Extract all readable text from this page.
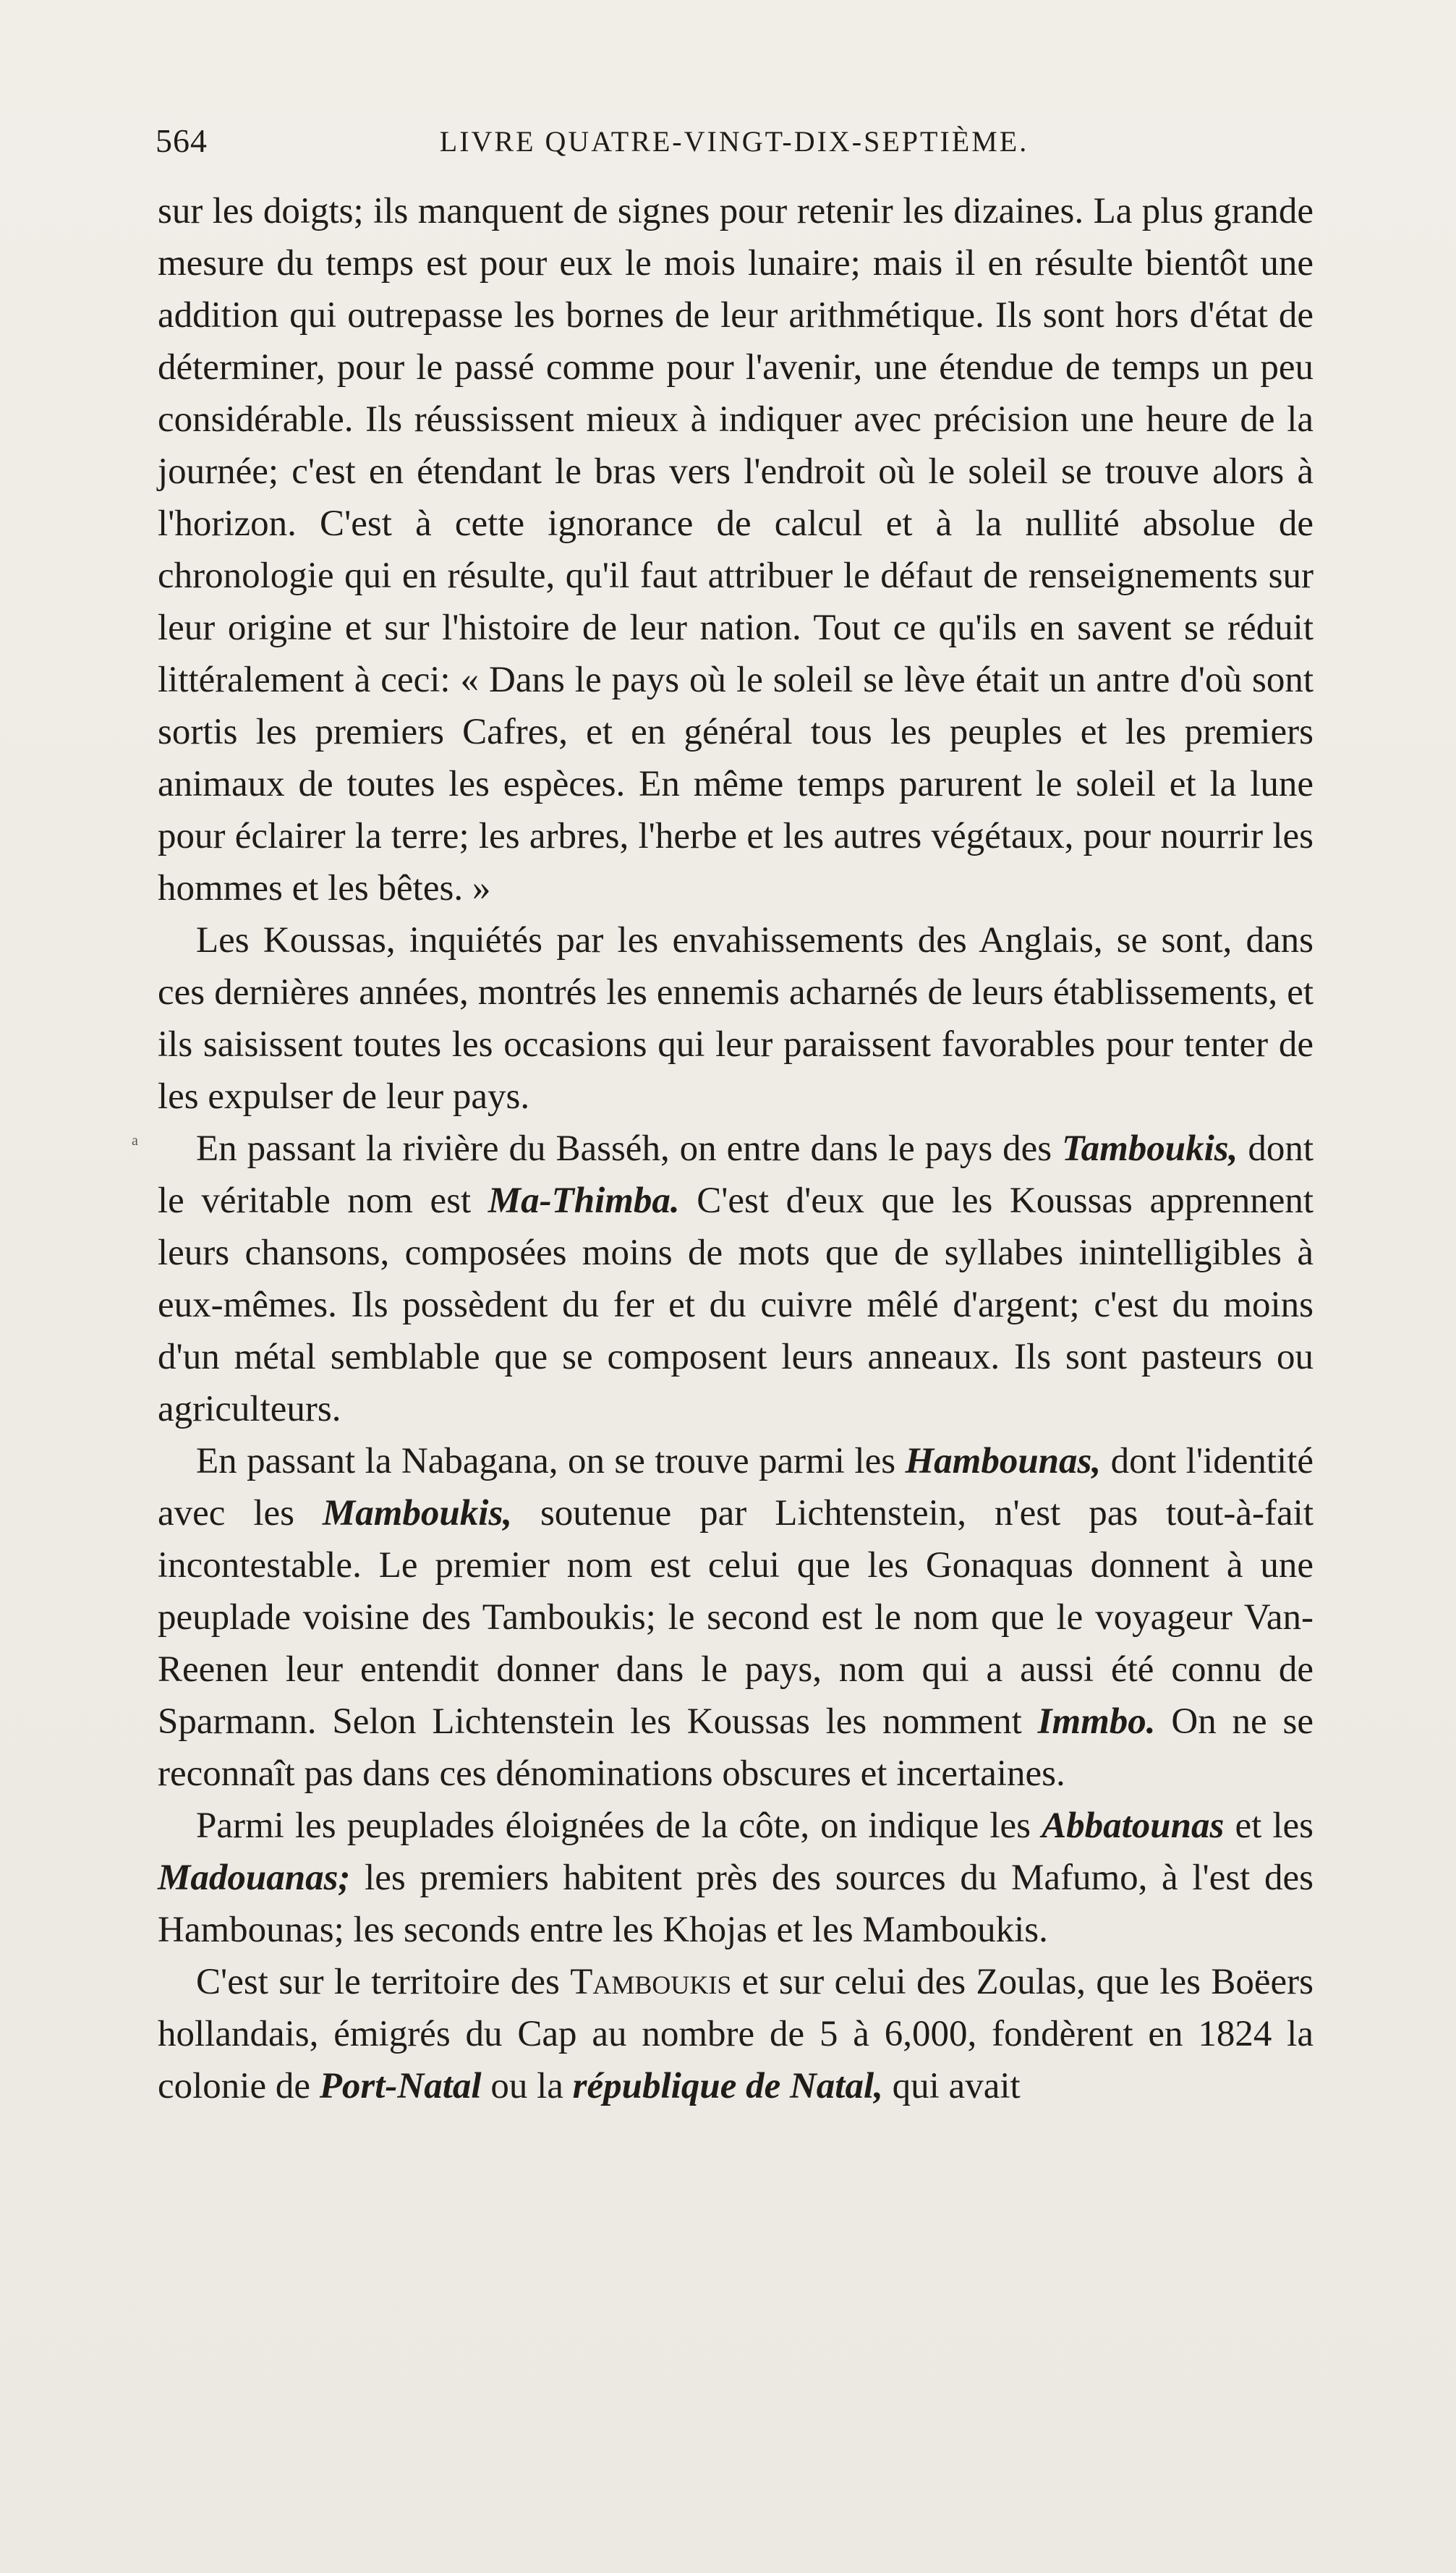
564	LIVRE QUATRE-VINGT-DIX-SEPTIÈME.
a

sur les doigts; ils manquent de signes pour retenir les dizaines. La plus grande mesure du temps est pour eux le mois lunaire; mais il en résulte bientôt une addition qui outrepasse les bornes de leur arithmétique. Ils sont hors d'état de déterminer, pour le passé comme pour l'avenir, une étendue de temps un peu considérable. Ils réussissent mieux à indiquer avec précision une heure de la journée; c'est en étendant le bras vers l'endroit où le soleil se trouve alors à l'horizon. C'est à cette ignorance de calcul et à la nullité absolue de chronologie qui en résulte, qu'il faut attribuer le défaut de renseignements sur leur origine et sur l'histoire de leur nation. Tout ce qu'ils en savent se réduit littéralement à ceci: « Dans le pays où le soleil se lève était un antre d'où sont sortis les premiers Cafres, et en général tous les peuples et les premiers animaux de toutes les espèces. En même temps parurent le soleil et la lune pour éclairer la terre; les arbres, l'herbe et les autres végétaux, pour nourrir les hommes et les bêtes. »

Les Koussas, inquiétés par les envahissements des Anglais, se sont, dans ces dernières années, montrés les ennemis acharnés de leurs établissements, et ils saisissent toutes les occasions qui leur paraissent favorables pour tenter de les expulser de leur pays.

En passant la rivière du Basséh, on entre dans le pays des Tamboukis, dont le véritable nom est Ma-Thimba. C'est d'eux que les Koussas apprennent leurs chansons, composées moins de mots que de syllabes inintelligibles à eux-mêmes. Ils possèdent du fer et du cuivre mêlé d'argent; c'est du moins d'un métal semblable que se composent leurs anneaux. Ils sont pasteurs ou agriculteurs.

En passant la Nabagana, on se trouve parmi les Hambounas, dont l'identité avec les Mamboukis, soutenue par Lichtenstein, n'est pas tout-à-fait incontestable. Le premier nom est celui que les Gonaquas donnent à une peuplade voisine des Tamboukis; le second est le nom que le voyageur Van-Reenen leur entendit donner dans le pays, nom qui a aussi été connu de Sparmann. Selon Lichtenstein les Koussas les nomment Immbo. On ne se reconnaît pas dans ces dénominations obscures et incertaines.

Parmi les peuplades éloignées de la côte, on indique les Abbatounas et les Madouanas; les premiers habitent près des sources du Mafumo, à l'est des Hambounas; les seconds entre les Khojas et les Mamboukis.

C'est sur le territoire des Tamboukis et sur celui des Zoulas, que les Boëers hollandais, émigrés du Cap au nombre de 5 à 6,000, fondèrent en 1824 la colonie de Port-Natal ou la république de Natal, qui avait
